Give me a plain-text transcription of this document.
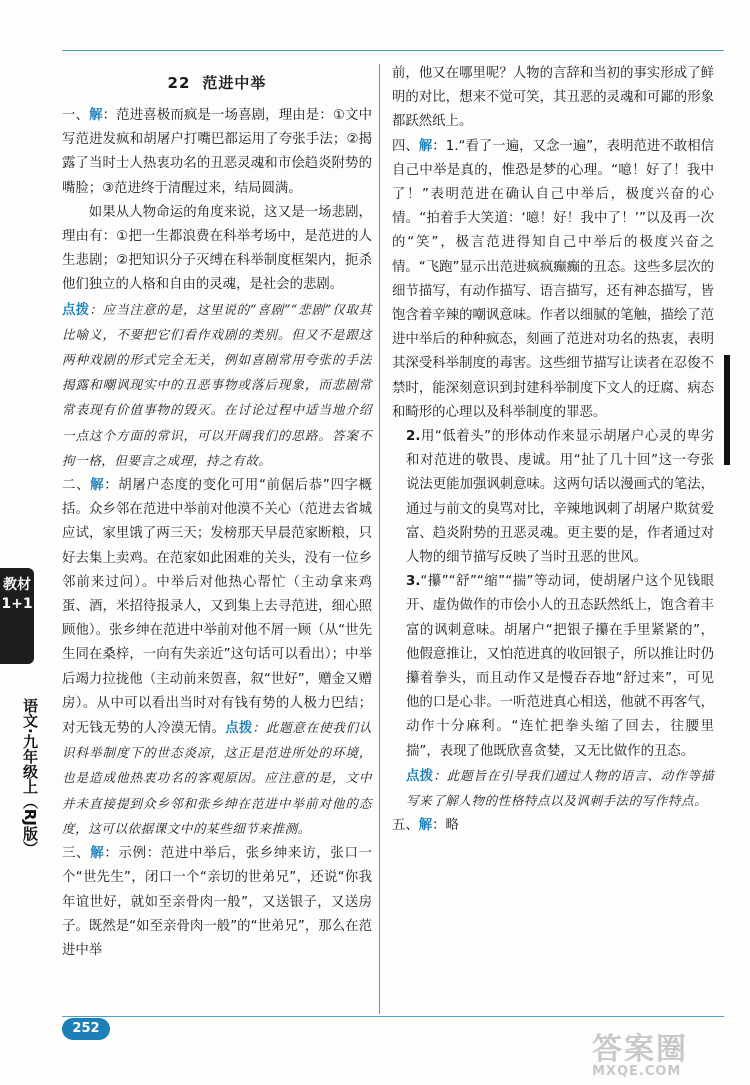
22 范进中举
一、解：范进喜极而疯是一场喜剧，理由是：①文中写范进发疯和胡屠户打嘴巴都运用了夸张手法；②揭露了当时士人热衷功名的丑恶灵魂和市侩趋炎附势的嘴脸；③范进终于清醒过来，结局圆满。
如果从人物命运的角度来说，这又是一场悲剧，理由有：①把一生都浪费在科举考场中，是范进的人生悲剧；②把知识分子灭缚在科举制度框架内，扼杀他们独立的人格和自由的灵魂，是社会的悲剧。
点拨：应当注意的是，这里说的“喜剧”“悲剧”仅取其比喻义，不要把它们看作戏剧的类别。但又不是跟这两种戏剧的形式完全无关，例如喜剧常用夸张的手法揭露和嘲讽现实中的丑恶事物或落后现象，而悲剧常常表现有价值事物的毁灭。在讨论过程中适当地介绍一点这个方面的常识，可以开阔我们的思路。答案不拘一格，但要言之成理，持之有故。
二、解：胡屠户态度的变化可用“前倨后恭”四字概括。众乡邻在范进中举前对他漠不关心（范进去省城应试，家里饿了两三天；发榜那天早晨范家断粮，只好去集上卖鸡。在范家如此困难的关头，没有一位乡邻前来过问）。中举后对他热心帮忙（主动拿来鸡蛋、酒，米招待报录人，又到集上去寻范进，细心照顾他）。张乡绅在范进中举前对他不屑一顾（从“世先生同在桑梓，一向有失亲近”这句话可以看出）；中举后竭力拉拢他（主动前来贺喜，叙“世好”，赠金又赠房）。从中可以看出当时对有钱有势的人极力巴结；对无钱无势的人冷漠无情。点拨：此题意在使我们认识科举制度下的世态炎凉，这正是范进所处的环境，也是造成他热衷功名的客观原因。应注意的是，文中并未直接提到众乡邻和张乡绅在范进中举前对他的态度，这可以依据课文中的某些细节来推测。
三、解：示例：范进中举后，张乡绅来访，张口一个“世先生”，闭口一个“亲切的世弟兄”，还说“你我年谊世好，就如至亲骨肉一般”，又送银子，又送房子。既然是“如至亲骨肉一般”的“世弟兄”，那么在范进中举
前，他又在哪里呢？人物的言辞和当初的事实形成了鲜明的对比，想来不觉可笑，其丑恶的灵魂和可鄙的形象都跃然纸上。
四、解：1.“看了一遍，又念一遍”，表明范进不敢相信自己中举是真的，惟恐是梦的心理。“噫！好了！我中了！”表明范进在确认自己中举后，极度兴奋的心情。“拍着手大笑道：‘噫！好！我中了！’”以及再一次的“笑”，极言范进得知自己中举后的极度兴奋之情。“飞跑”显示出范进疯疯癫癫的丑态。这些多层次的细节描写，有动作描写、语言描写，还有神态描写，皆饱含着辛辣的嘲讽意味。作者以细腻的笔触，描绘了范进中举后的种种疯态，刻画了范进对功名的热衷，表明其深受科举制度的毒害。这些细节描写让读者在忍俊不禁时，能深刻意识到封建科举制度下文人的迂腐、病态和畸形的心理以及科举制度的罪恶。
2.用“低着头”的形体动作来显示胡屠户心灵的卑劣和对范进的敬畏、虔诚。用“扯了几十回”这一夸张说法更能加强讽刺意味。这两句话以漫画式的笔法，通过与前文的臭骂对比，辛辣地讽刺了胡屠户欺贫爱富、趋炎附势的丑恶灵魂。更主要的是，作者通过对人物的细节描写反映了当时丑恶的世风。
3.“攥”“舒”“缩”“揣”等动词，使胡屠户这个见钱眼开、虚伪做作的市侩小人的丑态跃然纸上，饱含着丰富的讽刺意味。胡屠户“把银子攥在手里紧紧的”，他假意推让，又怕范进真的收回银子，所以推让时仍攥着拳头，而且动作又是慢吞吞地“舒过来”，可见他的口是心非。一听范进真心相送，他就不再客气，动作十分麻利。“连忙把拳头缩了回去，往腰里揣”，表现了他既欣喜贪婪，又无比做作的丑态。
点拨：此题旨在引导我们通过人物的语言、动作等描写来了解人物的性格特点以及讽刺手法的写作特点。
五、解：略
教材1+1
语文·九年级上（RJ版）
252
答案圈
MXQE.COM
